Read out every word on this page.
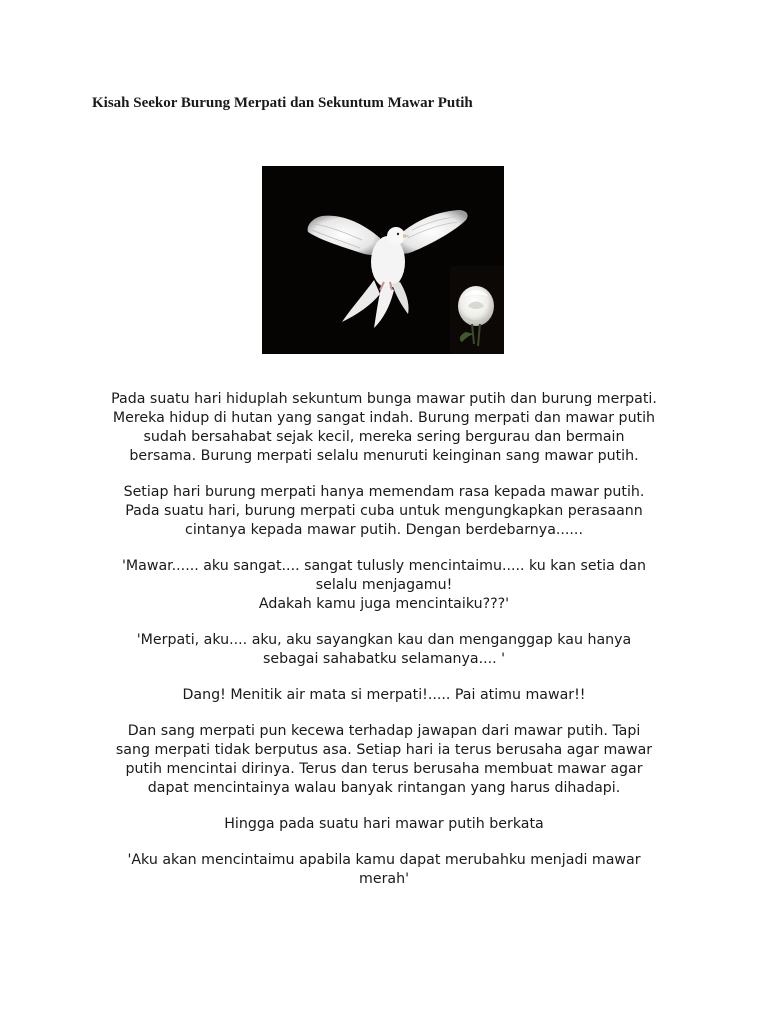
Kisah Seekor Burung Merpati dan Sekuntum Mawar Putih

Pada suatu hari hiduplah sekuntum bunga mawar putih dan burung merpati.
Mereka hidup di hutan yang sangat indah. Burung merpati dan mawar putih
sudah bersahabat sejak kecil, mereka sering bergurau dan bermain
bersama. Burung merpati selalu menuruti keinginan sang mawar putih.

Setiap hari burung merpati hanya memendam rasa kepada mawar putih.
Pada suatu hari, burung merpati cuba untuk mengungkapkan perasaann
cintanya kepada mawar putih. Dengan berdebarnya......

'Mawar...... aku sangat.... sangat tulusly mencintaimu..... ku kan setia dan
selalu menjagamu!
Adakah kamu juga mencintaiku???'

'Merpati, aku.... aku, aku sayangkan kau dan menganggap kau hanya
sebagai sahabatku selamanya.... '

Dang! Menitik air mata si merpati!..... Pai atimu mawar!!

Dan sang merpati pun kecewa terhadap jawapan dari mawar putih. Tapi
sang merpati tidak berputus asa. Setiap hari ia terus berusaha agar mawar
putih mencintai dirinya. Terus dan terus berusaha membuat mawar agar
dapat mencintainya walau banyak rintangan yang harus dihadapi.

Hingga pada suatu hari mawar putih berkata

'Aku akan mencintaimu apabila kamu dapat merubahku menjadi mawar
merah'
